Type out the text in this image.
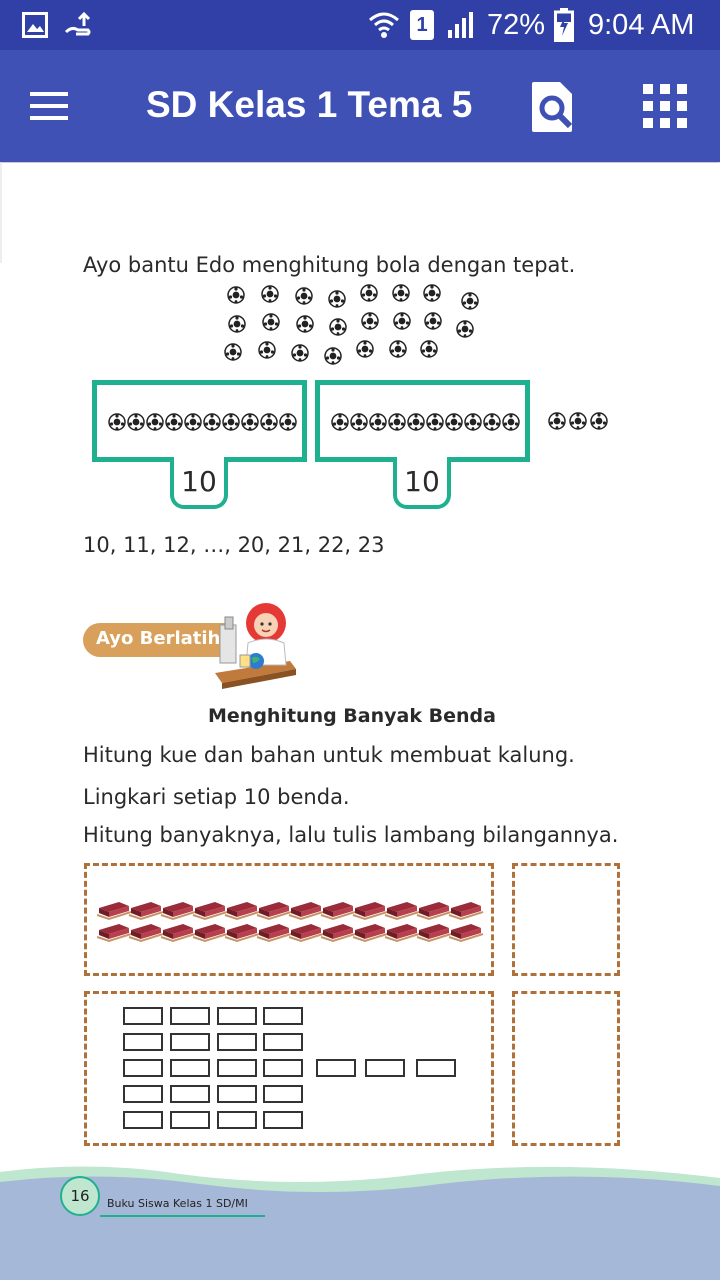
1 72% 9:04 AM
SD Kelas 1 Tema 5
Ayo bantu Edo menghitung bola dengan tepat.
10	10
10, 11, 12, …, 20, 21, 22, 23
Ayo Berlatih
Menghitung Banyak Benda
Hitung kue dan bahan untuk membuat kalung.
Lingkari setiap 10 benda.
Hitung banyaknya, lalu tulis lambang bilangannya.
16 Buku Siswa Kelas 1 SD/MI
